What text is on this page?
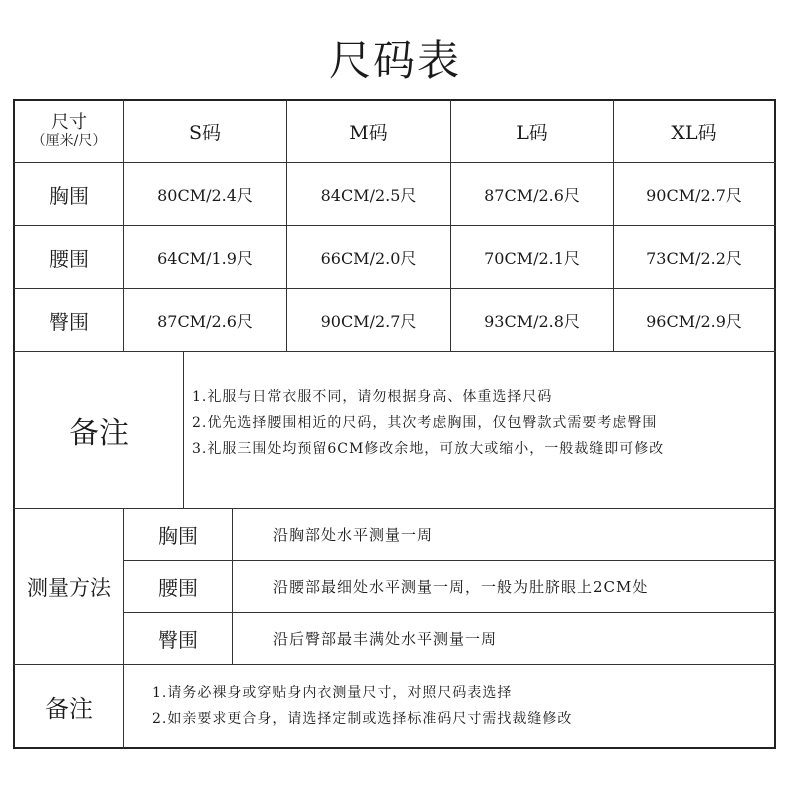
尺码表
尺寸
（厘米/尺）	S码	M码	L码	XL码
胸围	80CM/2.4尺	84CM/2.5尺	87CM/2.6尺	90CM/2.7尺
腰围	64CM/1.9尺	66CM/2.0尺	70CM/2.1尺	73CM/2.2尺
臀围	87CM/2.6尺	90CM/2.7尺	93CM/2.8尺	96CM/2.9尺
备注
1.礼服与日常衣服不同，请勿根据身高、体重选择尺码
2.优先选择腰围相近的尺码，其次考虑胸围，仅包臀款式需要考虑臀围
3.礼服三围处均预留6CM修改余地，可放大或缩小，一般裁缝即可修改
测量方法
胸围	沿胸部处水平测量一周
腰围	沿腰部最细处水平测量一周，一般为肚脐眼上2CM处
臀围	沿后臀部最丰满处水平测量一周
备注
1.请务必裸身或穿贴身内衣测量尺寸，对照尺码表选择
2.如亲要求更合身，请选择定制或选择标准码尺寸需找裁缝修改
